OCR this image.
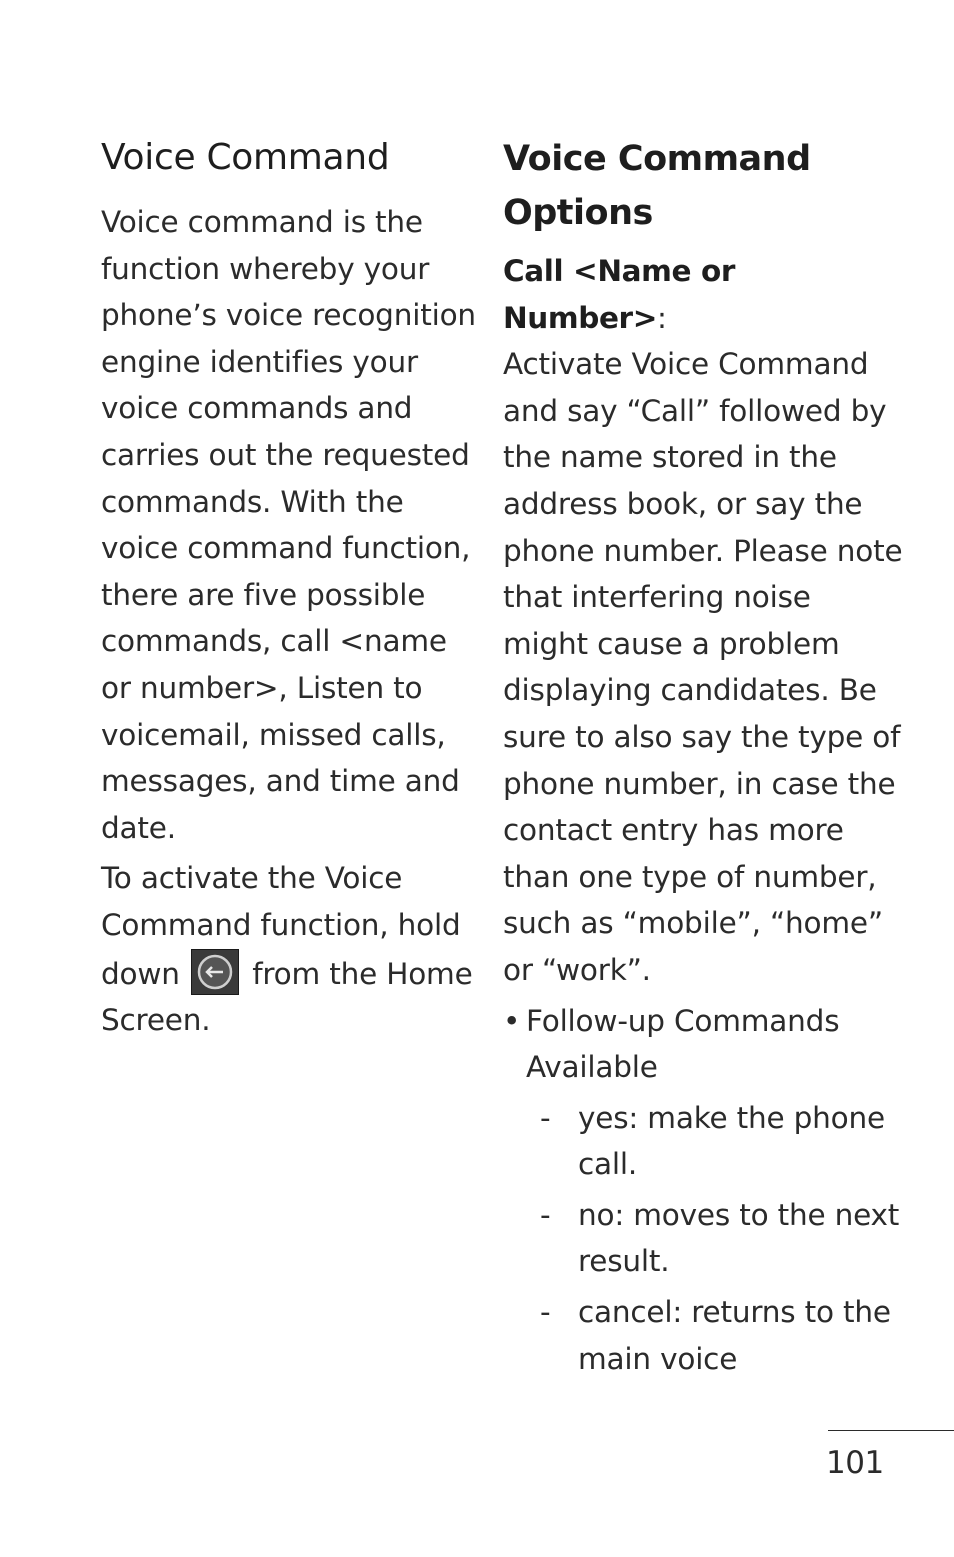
Voice Command

Voice command is the function whereby your phone’s voice recognition engine identifies your voice commands and carries out the requested commands. With the voice command function, there are five possible commands, call <name or number>, Listen to voicemail, missed calls, messages, and time and date.

To activate the Voice Command function, hold down from the Home Screen.

Voice Command Options

Call <Name or Number>:
Activate Voice Command and say “Call” followed by the name stored in the address book, or say the phone number. Please note that interfering noise might cause a problem displaying candidates. Be sure to also say the type of phone number, in case the contact entry has more than one type of number, such as “mobile”, “home” or “work”.

• Follow-up Commands Available

- yes: make the phone call.

- no: moves to the next result.

- cancel: returns to the main voice

101
